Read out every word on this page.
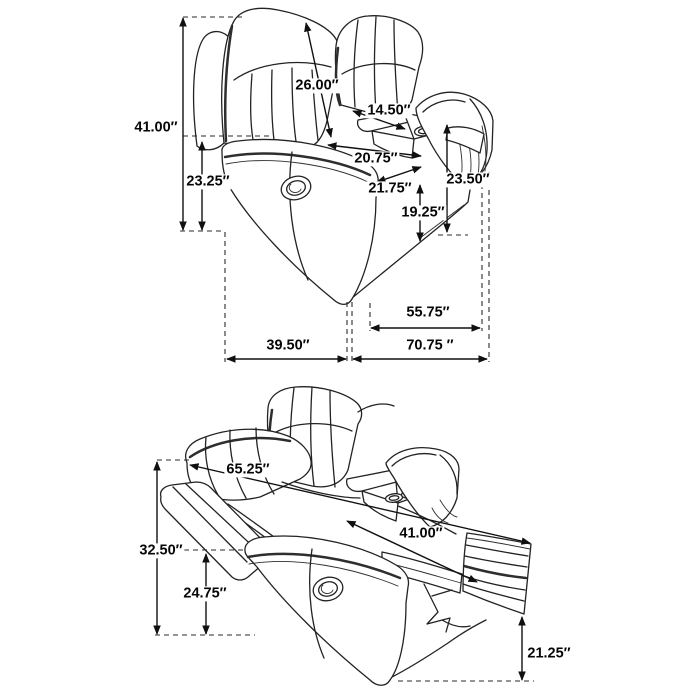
41.00″
23.25″
26.00″
14.50″
20.75″
21.75″
23.50″
19.25″
39.50″
55.75″
70.75 ″
65.25″
32.50″
24.75″
41.00″
21.25″
